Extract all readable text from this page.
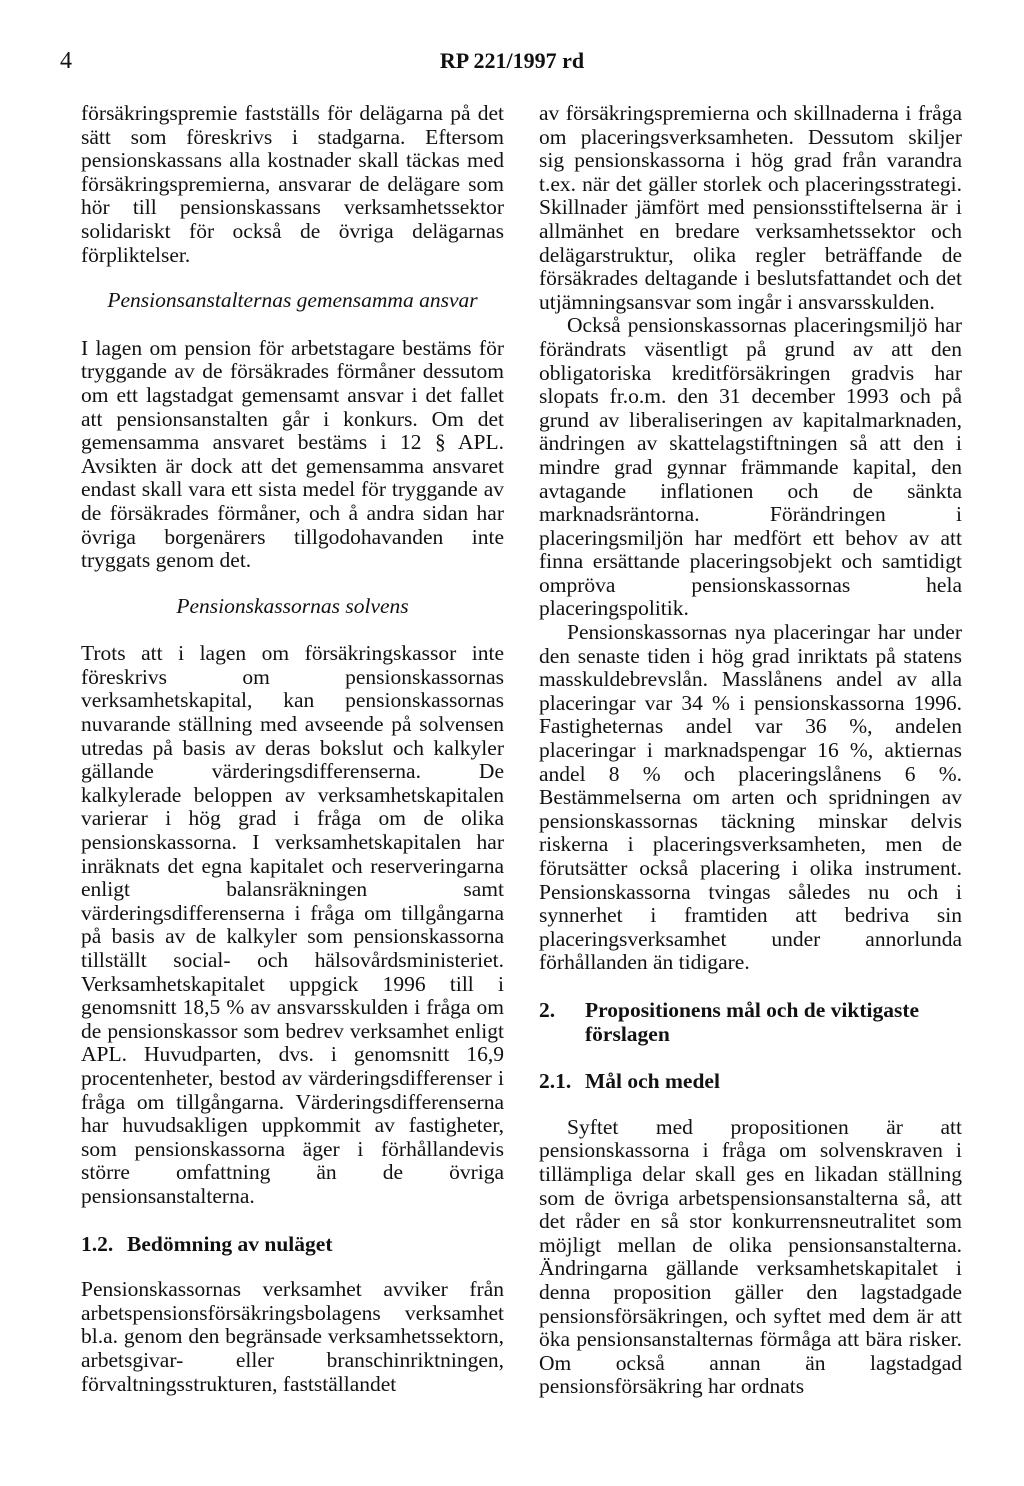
4	RP 221/1997 rd

försäkringspremie fastställs för delägarna på det sätt som föreskrivs i stadgarna. Eftersom pensionskassans alla kostnader skall täckas med försäkringspremierna, ansvarar de delägare som hör till pensionskassans verksamhetssektor solidariskt för också de övriga delägarnas förpliktelser.

Pensionsanstalternas gemensamma ansvar

I lagen om pension för arbetstagare bestäms för tryggande av de försäkrades förmåner dessutom om ett lagstadgat gemensamt ansvar i det fallet att pensionsanstalten går i konkurs. Om det gemensamma ansvaret bestäms i 12 § APL. Avsikten är dock att det gemensamma ansvaret endast skall vara ett sista medel för tryggande av de försäkrades förmåner, och å andra sidan har övriga borgenärers tillgodohavanden inte tryggats genom det.

Pensionskassornas solvens

Trots att i lagen om försäkringskassor inte föreskrivs om pensionskassornas verksamhetskapital, kan pensionskassornas nuvarande ställning med avseende på solvensen utredas på basis av deras bokslut och kalkyler gällande värderingsdifferenserna. De kalkylerade beloppen av verksamhetskapitalen varierar i hög grad i fråga om de olika pensionskassorna. I verksamhetskapitalen har inräknats det egna kapitalet och reserveringarna enligt balansräkningen samt värderingsdifferenserna i fråga om tillgångarna på basis av de kalkyler som pensionskassorna tillställt social- och hälsovårdsministeriet. Verksamhetskapitalet uppgick 1996 till i genomsnitt 18,5 % av ansvarsskulden i fråga om de pensionskassor som bedrev verksamhet enligt APL. Huvudparten, dvs. i genomsnitt 16,9 procentenheter, bestod av värderingsdifferenser i fråga om tillgångarna. Värderingsdifferenserna har huvudsakligen uppkommit av fastigheter, som pensionskassorna äger i förhållandevis större omfattning än de övriga pensionsanstalterna.

1.2. Bedömning av nuläget

Pensionskassornas verksamhet avviker från arbetspensionsförsäkringsbolagens verksamhet bl.a. genom den begränsade verksamhetssektorn, arbetsgivar- eller branschinriktningen, förvaltningsstrukturen, fastställandet

av försäkringspremierna och skillnaderna i fråga om placeringsverksamheten. Dessutom skiljer sig pensionskassorna i hög grad från varandra t.ex. när det gäller storlek och placeringsstrategi. Skillnader jämfört med pensionsstiftelserna är i allmänhet en bredare verksamhetssektor och delägarstruktur, olika regler beträffande de försäkrades deltagande i beslutsfattandet och det utjämningsansvar som ingår i ansvarsskulden.

Också pensionskassornas placeringsmiljö har förändrats väsentligt på grund av att den obligatoriska kreditförsäkringen gradvis har slopats fr.o.m. den 31 december 1993 och på grund av liberaliseringen av kapitalmarknaden, ändringen av skattelagstiftningen så att den i mindre grad gynnar främmande kapital, den avtagande inflationen och de sänkta marknadsräntorna. Förändringen i placeringsmiljön har medfört ett behov av att finna ersättande placeringsobjekt och samtidigt ompröva pensionskassornas hela placeringspolitik.

Pensionskassornas nya placeringar har under den senaste tiden i hög grad inriktats på statens masskuldebrevslån. Masslånens andel av alla placeringar var 34 % i pensionskassorna 1996. Fastigheternas andel var 36 %, andelen placeringar i marknadspengar 16 %, aktiernas andel 8 % och placeringslånens 6 %. Bestämmelserna om arten och spridningen av pensionskassornas täckning minskar delvis riskerna i placeringsverksamheten, men de förutsätter också placering i olika instrument. Pensionskassorna tvingas således nu och i synnerhet i framtiden att bedriva sin placeringsverksamhet under annorlunda förhållanden än tidigare.

2.	Propositionens mål och de viktigaste förslagen
2.1. Mål och medel

Syftet med propositionen är att pensionskassorna i fråga om solvenskraven i tillämpliga delar skall ges en likadan ställning som de övriga arbetspensionsanstalterna så, att det råder en så stor konkurrensneutralitet som möjligt mellan de olika pensionsanstalterna. Ändringarna gällande verksamhetskapitalet i denna proposition gäller den lagstadgade pensionsförsäkringen, och syftet med dem är att öka pensionsanstalternas förmåga att bära risker. Om också annan än lagstadgad pensionsförsäkring har ordnats
